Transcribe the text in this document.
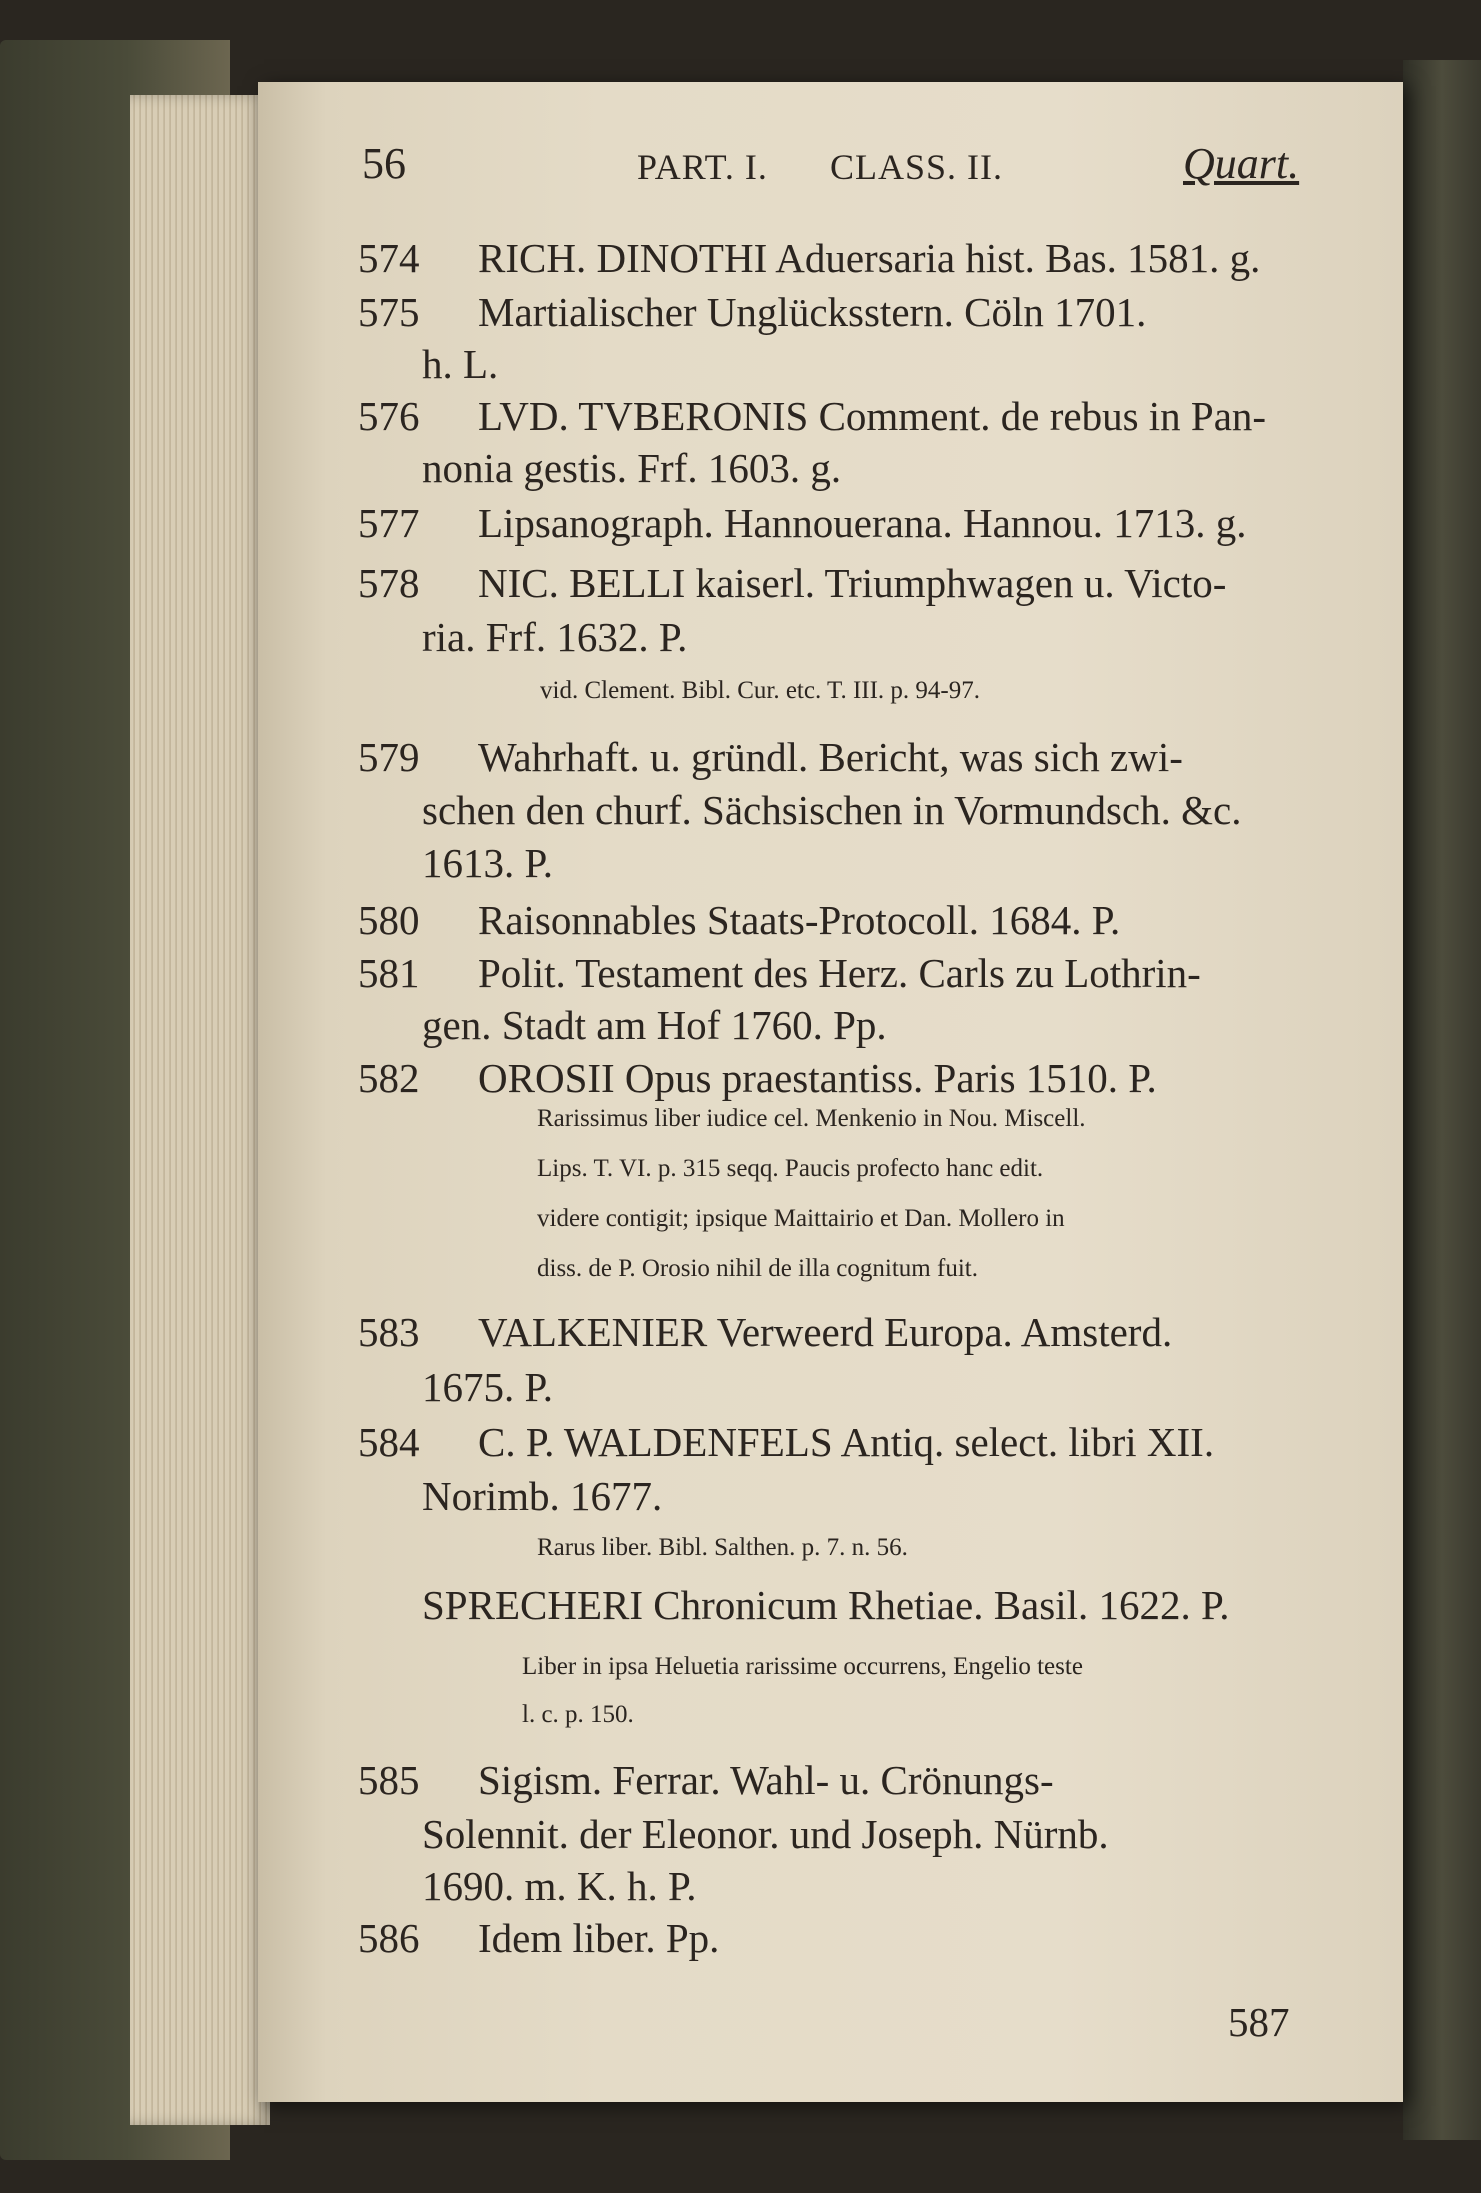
56	PART. I. CLASS. II.	Quart.
574 RICH. DINOTHI Aduersaria hist. Bas. 1581. g.
575 Martialischer Unglücksstern. Cöln 1701.
h. L.
576 LVD. TVBERONIS Comment. de rebus in Pan-
nonia gestis. Frf. 1603. g.
577 Lipsanograph. Hannouerana. Hannou. 1713. g.
578 NIC. BELLI kaiserl. Triumphwagen u. Victo-
ria. Frf. 1632. P.
vid. Clement. Bibl. Cur. etc. T. III. p. 94-97.
579 Wahrhaft. u. gründl. Bericht, was sich zwi-
schen den churf. Sächsischen in Vormundsch. &c.
1613. P.
580 Raisonnables Staats-Protocoll. 1684. P.
581 Polit. Testament des Herz. Carls zu Lothrin-
gen. Stadt am Hof 1760. Pp.
582 OROSII Opus praestantiss. Paris 1510. P.
Rarissimus liber iudice cel. Menkenio in Nou. Miscell.
Lips. T. VI. p. 315 seqq. Paucis profecto hanc edit.
videre contigit; ipsique Maittairio et Dan. Mollero in
diss. de P. Orosio nihil de illa cognitum fuit.
583 VALKENIER Verweerd Europa. Amsterd.
1675. P.
584 C. P. WALDENFELS Antiq. select. libri XII.
Norimb. 1677.
Rarus liber. Bibl. Salthen. p. 7. n. 56.
SPRECHERI Chronicum Rhetiae. Basil. 1622. P.
Liber in ipsa Heluetia rarissime occurrens, Engelio teste
l. c. p. 150.
585 Sigism. Ferrar. Wahl- u. Crönungs-
Solennit. der Eleonor. und Joseph. Nürnb.
1690. m. K. h. P.
586 Idem liber. Pp.
587
